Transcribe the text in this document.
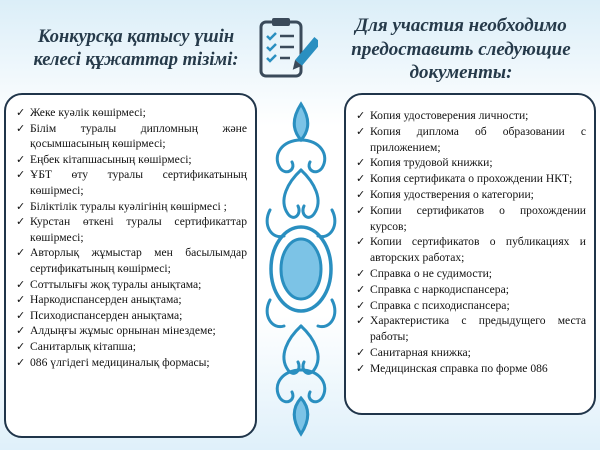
Конкурсқа қатысу үшін келесі құжаттар тізімі:
Для участия необходимо предоставить следующие документы:
✓ Жеке куәлік көшірмесі;
✓ Білім туралы дипломның және қосымшасының көшірмесі;
✓ Еңбек кітапшасының көшірмесі;
✓ ҰБТ өту туралы сертификатының көшірмесі;
✓ Біліктілік туралы куәлігінің көшірмесі ;
✓ Курстан өткені туралы сертификаттар көшірмесі;
✓ Авторлық жұмыстар мен басылымдар сертификатының көшірмесі;
✓ Соттылығы жоқ туралы анықтама;
✓ Наркодиспансерден анықтама;
✓ Психодиспансерден анықтама;
✓ Алдыңғы жұмыс орнынан мінездеме;
✓ Санитарлық кітапша;
✓ 086 үлгідегі медициналық формасы;
✓ Копия удостоверения личности;
✓ Копия диплома об образовании с приложением;
✓ Копия трудовой книжки;
✓ Копия сертификата о прохождении НКТ;
✓ Копия удостверения о категории;
✓ Копии сертификатов о прохождении курсов;
✓ Копии сертификатов о публикациях и авторских работах;
✓ Справка о не судимости;
✓ Справка с наркодиспансера;
✓ Справка с психодиспансера;
✓ Характеристика с предыдущего места работы;
✓ Санитарная книжка;
✓ Медицинская справка по форме 086
